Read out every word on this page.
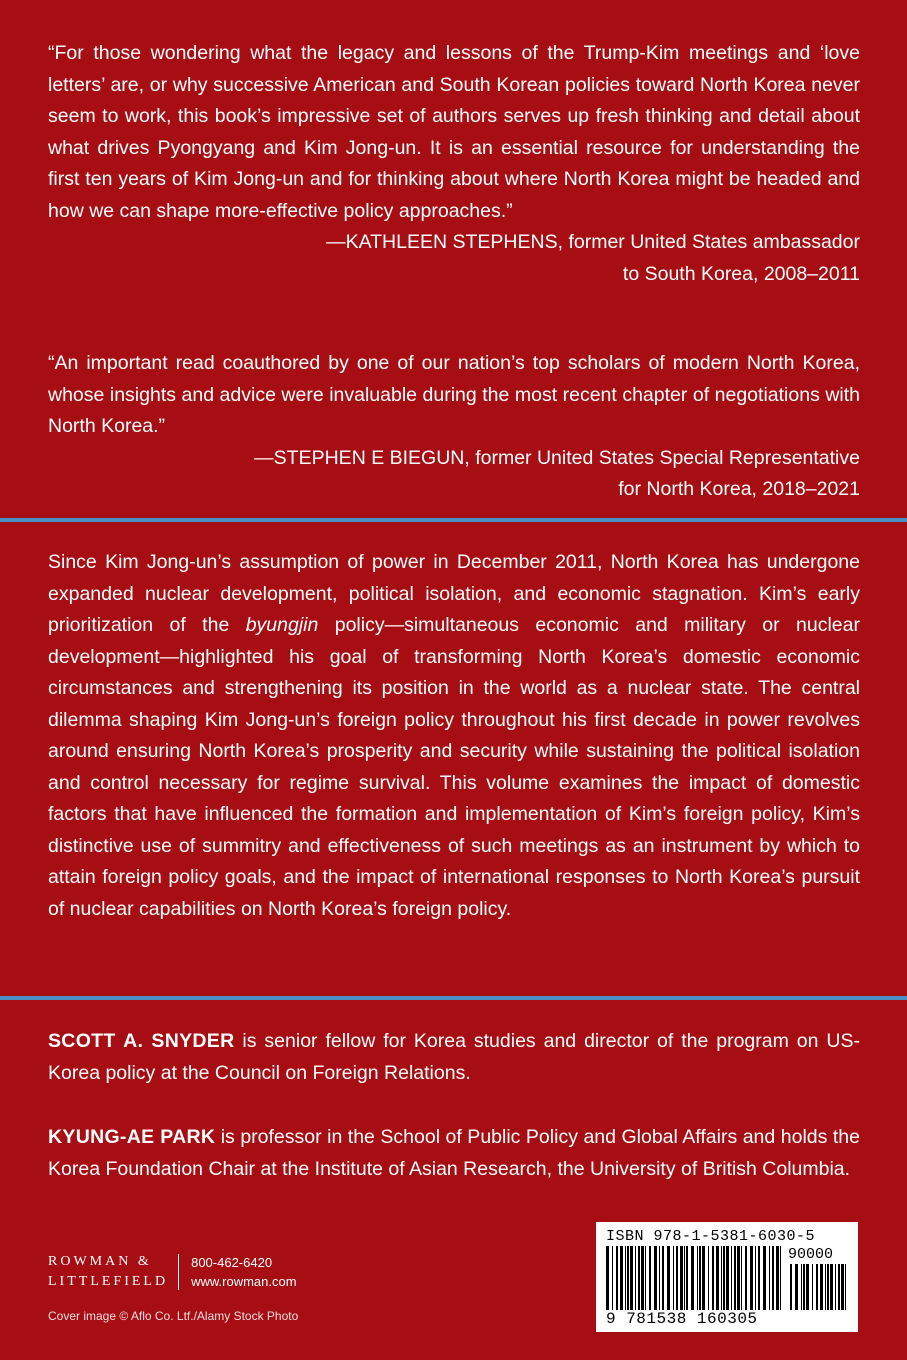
“For those wondering what the legacy and lessons of the Trump-Kim meetings and ‘love letters’ are, or why successive American and South Korean policies toward North Korea never seem to work, this book’s impressive set of authors serves up fresh thinking and detail about what drives Pyongyang and Kim Jong-un. It is an essential resource for understanding the first ten years of Kim Jong-un and for thinking about where North Korea might be headed and how we can shape more-effective policy approaches.”

—KATHLEEN STEPHENS, former United States ambassador
to South Korea, 2008–2011

“An important read coauthored by one of our nation’s top scholars of modern North Korea, whose insights and advice were invaluable during the most recent chapter of negotiations with North Korea.”

—STEPHEN E BIEGUN, former United States Special Representative
for North Korea, 2018–2021

Since Kim Jong-un’s assumption of power in December 2011, North Korea has undergone expanded nuclear development, political isolation, and economic stagnation. Kim’s early prioritization of the byungjin policy—simultaneous economic and military or nuclear development—highlighted his goal of transforming North Korea’s domestic economic circumstances and strengthening its position in the world as a nuclear state. The central dilemma shaping Kim Jong-un’s foreign policy throughout his first decade in power revolves around ensuring North Korea’s prosperity and security while sustaining the political isolation and control necessary for regime survival. This volume examines the impact of domestic factors that have influenced the formation and implementation of Kim’s foreign policy, Kim’s distinctive use of summitry and effectiveness of such meetings as an instrument by which to attain foreign policy goals, and the impact of international responses to North Korea’s pursuit of nuclear capabilities on North Korea’s foreign policy.

SCOTT A. SNYDER is senior fellow for Korea studies and director of the program on US-Korea policy at the Council on Foreign Relations.

KYUNG-AE PARK is professor in the School of Public Policy and Global Affairs and holds the Korea Foundation Chair at the Institute of Asian Research, the University of British Columbia.

ROWMAN &
LITTLEFIELD
800-462-6420
www.rowman.com
Cover image © Aflo Co. Ltf./Alamy Stock Photo
ISBN 978-1-5381-6030-5
90000
9 781538 160305
